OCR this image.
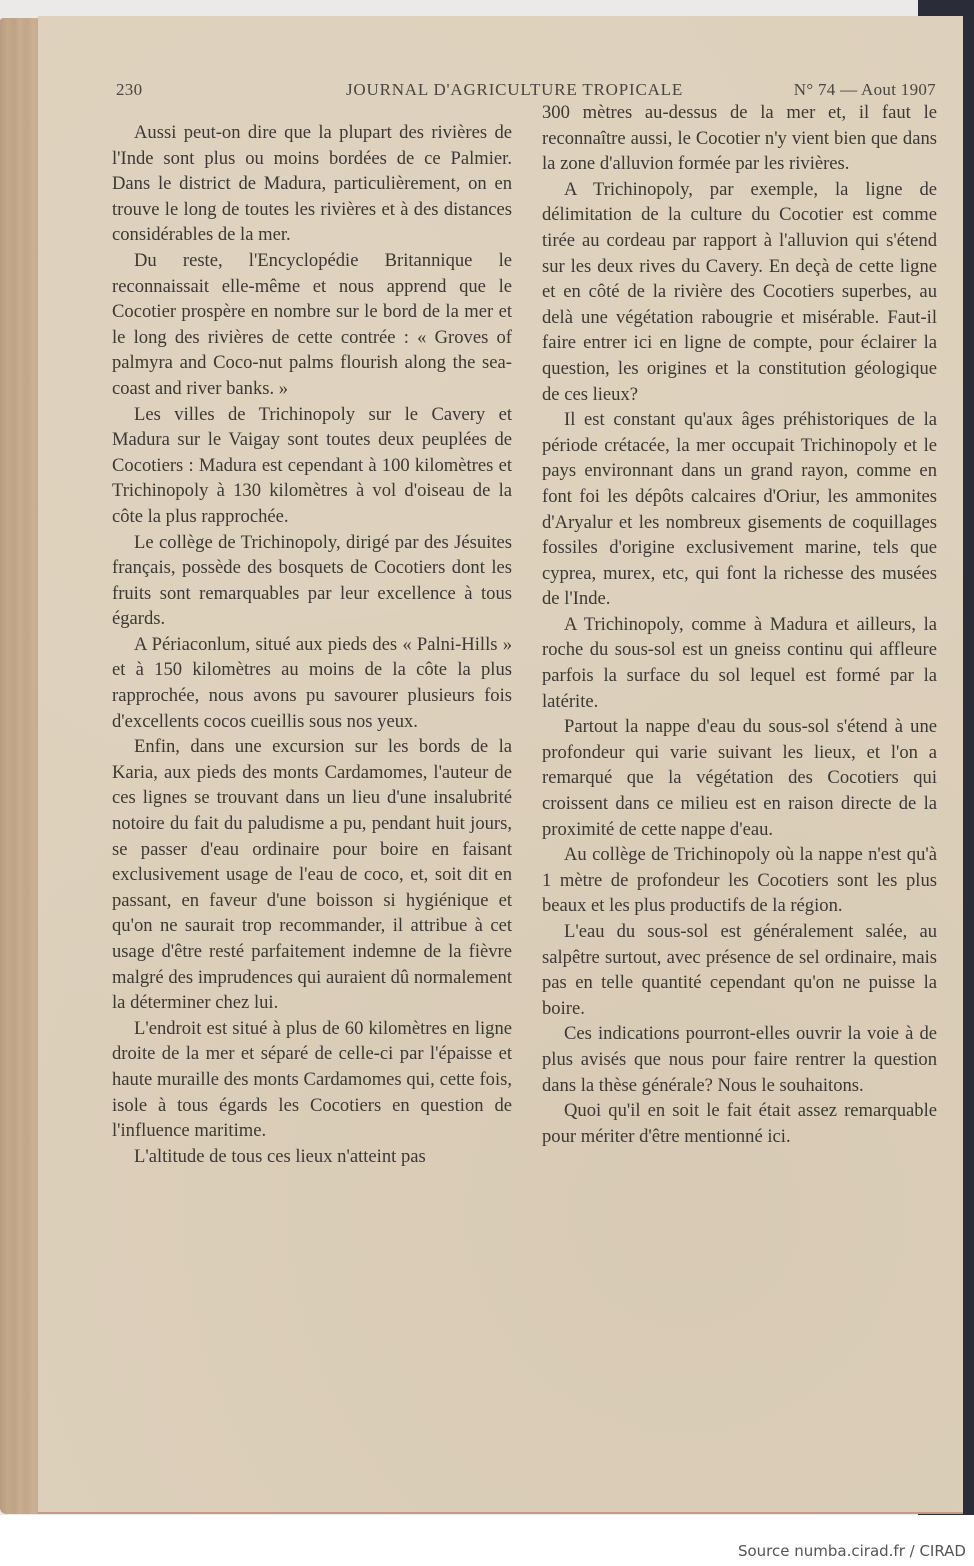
230	JOURNAL D'AGRICULTURE TROPICALE	N° 74 — Aout 1907

Aussi peut-on dire que la plupart des rivières de l'Inde sont plus ou moins bordées de ce Palmier. Dans le district de Madura, particulièrement, on en trouve le long de toutes les rivières et à des distances considérables de la mer.

Du reste, l'Encyclopédie Britannique le reconnaissait elle-même et nous apprend que le Cocotier prospère en nombre sur le bord de la mer et le long des rivières de cette contrée : « Groves of palmyra and Coco-nut palms flourish along the sea-coast and river banks. »

Les villes de Trichinopoly sur le Cavery et Madura sur le Vaigay sont toutes deux peuplées de Cocotiers : Madura est cependant à 100 kilomètres et Trichinopoly à 130 kilomètres à vol d'oiseau de la côte la plus rapprochée.

Le collège de Trichinopoly, dirigé par des Jésuites français, possède des bosquets de Cocotiers dont les fruits sont remarquables par leur excellence à tous égards.

A Périaconlum, situé aux pieds des « Palni-Hills » et à 150 kilomètres au moins de la côte la plus rapprochée, nous avons pu savourer plusieurs fois d'excellents cocos cueillis sous nos yeux.

Enfin, dans une excursion sur les bords de la Karia, aux pieds des monts Cardamomes, l'auteur de ces lignes se trouvant dans un lieu d'une insalubrité notoire du fait du paludisme a pu, pendant huit jours, se passer d'eau ordinaire pour boire en faisant exclusivement usage de l'eau de coco, et, soit dit en passant, en faveur d'une boisson si hygiénique et qu'on ne saurait trop recommander, il attribue à cet usage d'être resté parfaitement indemne de la fièvre malgré des imprudences qui auraient dû normalement la déterminer chez lui.

L'endroit est situé à plus de 60 kilomètres en ligne droite de la mer et séparé de celle-ci par l'épaisse et haute muraille des monts Cardamomes qui, cette fois, isole à tous égards les Cocotiers en question de l'influence maritime.

L'altitude de tous ces lieux n'atteint pas

300 mètres au-dessus de la mer et, il faut le reconnaître aussi, le Cocotier n'y vient bien que dans la zone d'alluvion formée par les rivières.

A Trichinopoly, par exemple, la ligne de délimitation de la culture du Cocotier est comme tirée au cordeau par rapport à l'alluvion qui s'étend sur les deux rives du Cavery. En deçà de cette ligne et en côté de la rivière des Cocotiers superbes, au delà une végétation rabougrie et misérable. Faut-il faire entrer ici en ligne de compte, pour éclairer la question, les origines et la constitution géologique de ces lieux?

Il est constant qu'aux âges préhistoriques de la période crétacée, la mer occupait Trichinopoly et le pays environnant dans un grand rayon, comme en font foi les dépôts calcaires d'Oriur, les ammonites d'Aryalur et les nombreux gisements de coquillages fossiles d'origine exclusivement marine, tels que cyprea, murex, etc, qui font la richesse des musées de l'Inde.

A Trichinopoly, comme à Madura et ailleurs, la roche du sous-sol est un gneiss continu qui affleure parfois la surface du sol lequel est formé par la latérite.

Partout la nappe d'eau du sous-sol s'étend à une profondeur qui varie suivant les lieux, et l'on a remarqué que la végétation des Cocotiers qui croissent dans ce milieu est en raison directe de la proximité de cette nappe d'eau.

Au collège de Trichinopoly où la nappe n'est qu'à 1 mètre de profondeur les Cocotiers sont les plus beaux et les plus productifs de la région.

L'eau du sous-sol est généralement salée, au salpêtre surtout, avec présence de sel ordinaire, mais pas en telle quantité cependant qu'on ne puisse la boire.

Ces indications pourront-elles ouvrir la voie à de plus avisés que nous pour faire rentrer la question dans la thèse générale? Nous le souhaitons.

Quoi qu'il en soit le fait était assez remarquable pour mériter d'être mentionné ici.

Source numba.cirad.fr / CIRAD
